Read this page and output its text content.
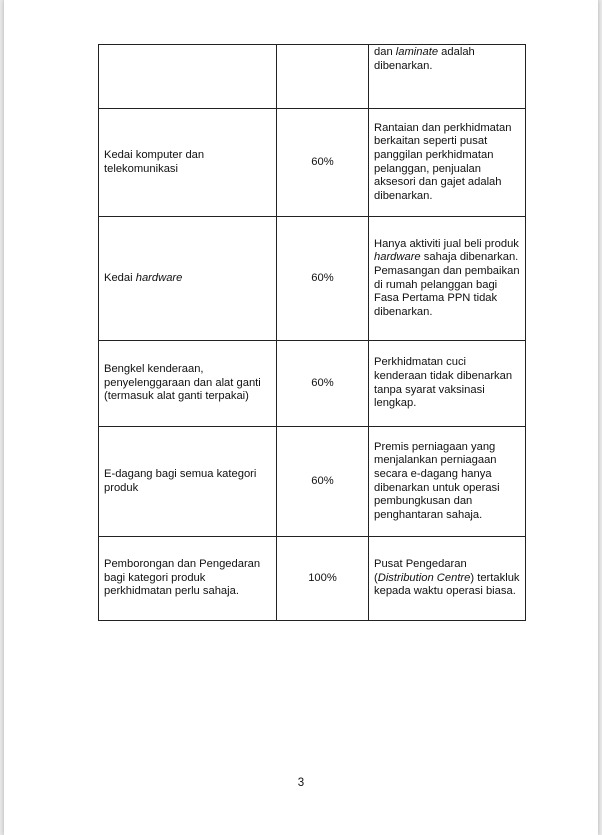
		dan laminate adalah dibenarkan.
Kedai komputer dan telekomunikasi	60%	Rantaian dan perkhidmatan berkaitan seperti pusat panggilan perkhidmatan pelanggan, penjualan aksesori dan gajet adalah dibenarkan.
Kedai hardware	60%	Hanya aktiviti jual beli produk hardware sahaja dibenarkan. Pemasangan dan pembaikan di rumah pelanggan bagi Fasa Pertama PPN tidak dibenarkan.
Bengkel kenderaan, penyelenggaraan dan alat ganti (termasuk alat ganti terpakai)	60%	Perkhidmatan cuci kenderaan tidak dibenarkan tanpa syarat vaksinasi lengkap.
E-dagang bagi semua kategori produk	60%	Premis perniagaan yang menjalankan perniagaan secara e-dagang hanya dibenarkan untuk operasi pembungkusan dan penghantaran sahaja.
Pemborongan dan Pengedaran bagi kategori produk perkhidmatan perlu sahaja.	100%	Pusat Pengedaran (Distribution Centre) tertakluk kepada waktu operasi biasa.
3
